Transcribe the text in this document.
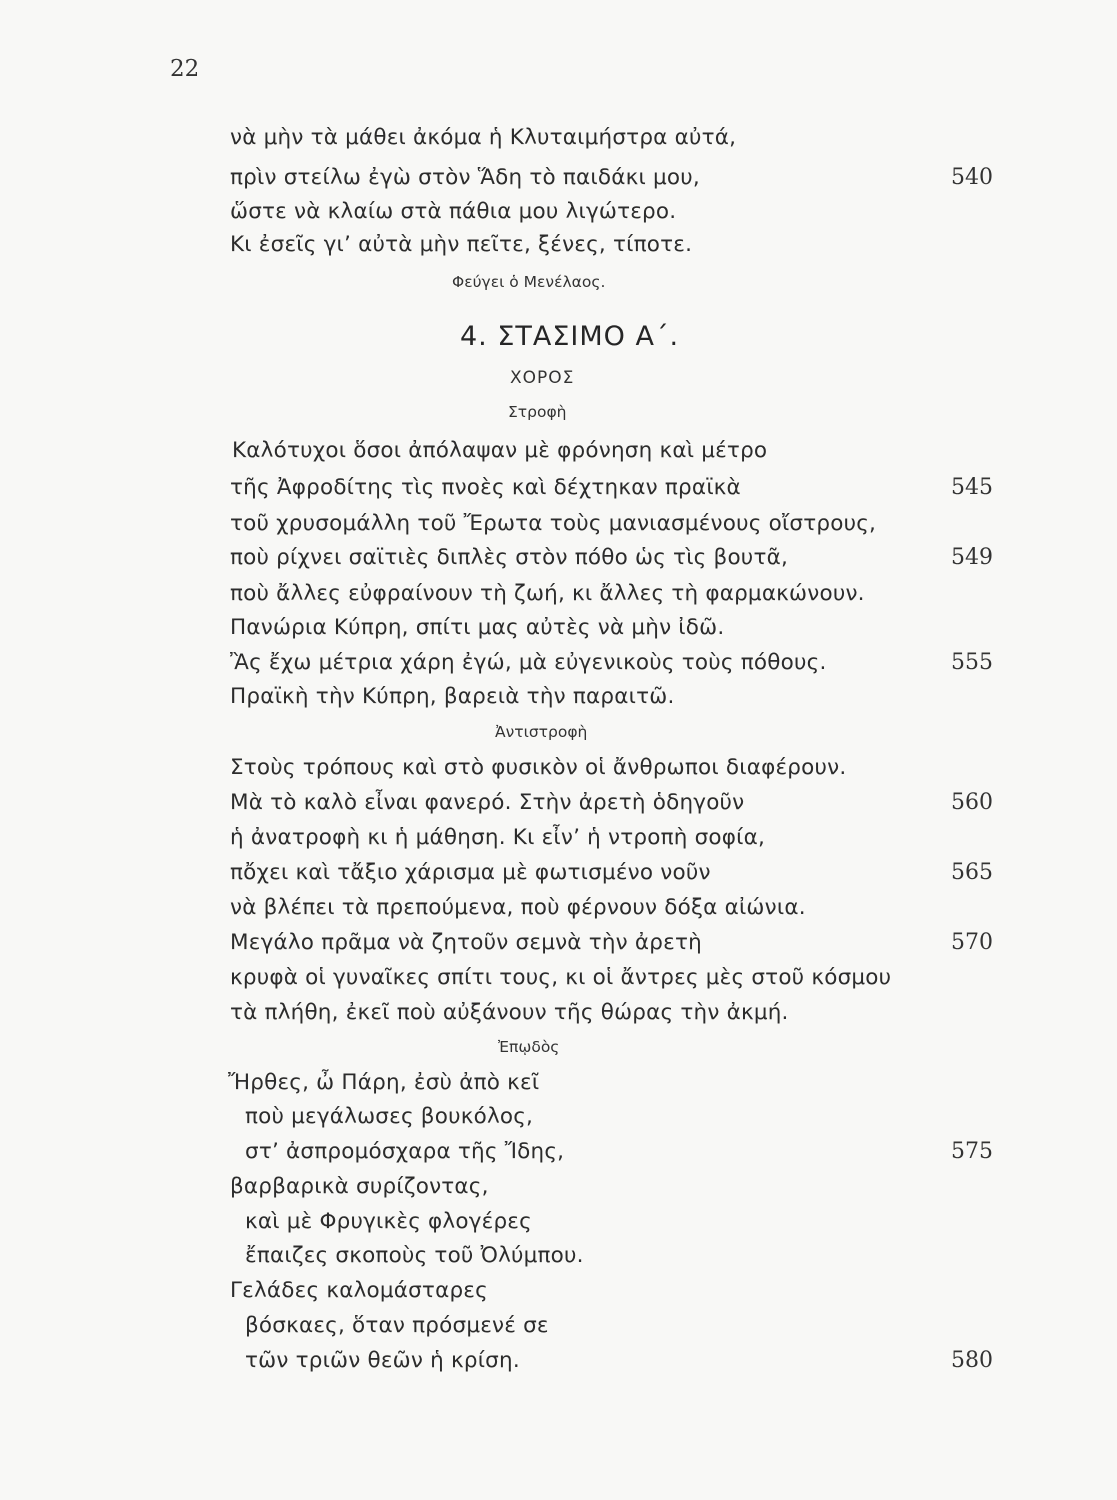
22
νὰ μὴν τὰ μάθει ἀκόμα ἡ Κλυταιμήστρα αὐτά,
πρὶν στείλω ἐγὼ στὸν Ἅδη τὸ παιδάκι μου,	540
ὥστε νὰ κλαίω στὰ πάθια μου λιγώτερο.
Κι ἐσεῖς γι’ αὐτὰ μὴν πεῖτε, ξένες, τίποτε.
Φεύγει ὁ Μενέλαος.
4. ΣΤΑΣΙΜΟ Α΄.
ΧΟΡΟΣ
Στροφὴ
Καλότυχοι ὅσοι ἀπόλαψαν μὲ φρόνηση καὶ μέτρο
τῆς Ἀφροδίτης τὶς πνοὲς καὶ δέχτηκαν πραϊκὰ	545
τοῦ χρυσομάλλη τοῦ Ἔρωτα τοὺς μανιασμένους οἴστρους,
ποὺ ρίχνει σαϊτιὲς διπλὲς στὸν πόθο ὡς τὶς βουτᾶ,	549
ποὺ ἄλλες εὐφραίνουν τὴ ζωή, κι ἄλλες τὴ φαρμακώνουν.
Πανώρια Κύπρη, σπίτι μας αὐτὲς νὰ μὴν ἰδῶ.
Ἂς ἔχω μέτρια χάρη ἐγώ, μὰ εὐγενικοὺς τοὺς πόθους.	555
Πραϊκὴ τὴν Κύπρη, βαρειὰ τὴν παραιτῶ.
Ἀντιστροφὴ
Στοὺς τρόπους καὶ στὸ φυσικὸν οἱ ἄνθρωποι διαφέρουν.
Μὰ τὸ καλὸ εἶναι φανερό. Στὴν ἀρετὴ ὁδηγοῦν	560
ἡ ἀνατροφὴ κι ἡ μάθηση. Κι εἶν’ ἡ ντροπὴ σοφία,
πὄχει καὶ τἄξιο χάρισμα μὲ φωτισμένο νοῦν	565
νὰ βλέπει τὰ πρεπούμενα, ποὺ φέρνουν δόξα αἰώνια.
Μεγάλο πρᾶμα νὰ ζητοῦν σεμνὰ τὴν ἀρετὴ	570
κρυφὰ οἱ γυναῖκες σπίτι τους, κι οἱ ἄντρες μὲς στοῦ κόσμου
τὰ πλήθη, ἐκεῖ ποὺ αὐξάνουν τῆς θώρας τὴν ἀκμή.
Ἐπῳδὸς
Ἤρθες, ὦ Πάρη, ἐσὺ ἀπὸ κεῖ
ποὺ μεγάλωσες βουκόλος,
στ’ ἀσπρομόσχαρα τῆς Ἴδης,	575
βαρβαρικὰ συρίζοντας,
καὶ μὲ Φρυγικὲς φλογέρες
ἔπαιζες σκοποὺς τοῦ Ὀλύμπου.
Γελάδες καλομάσταρες
βόσκαες, ὅταν πρόσμενέ σε
τῶν τριῶν θεῶν ἡ κρίση.	580
